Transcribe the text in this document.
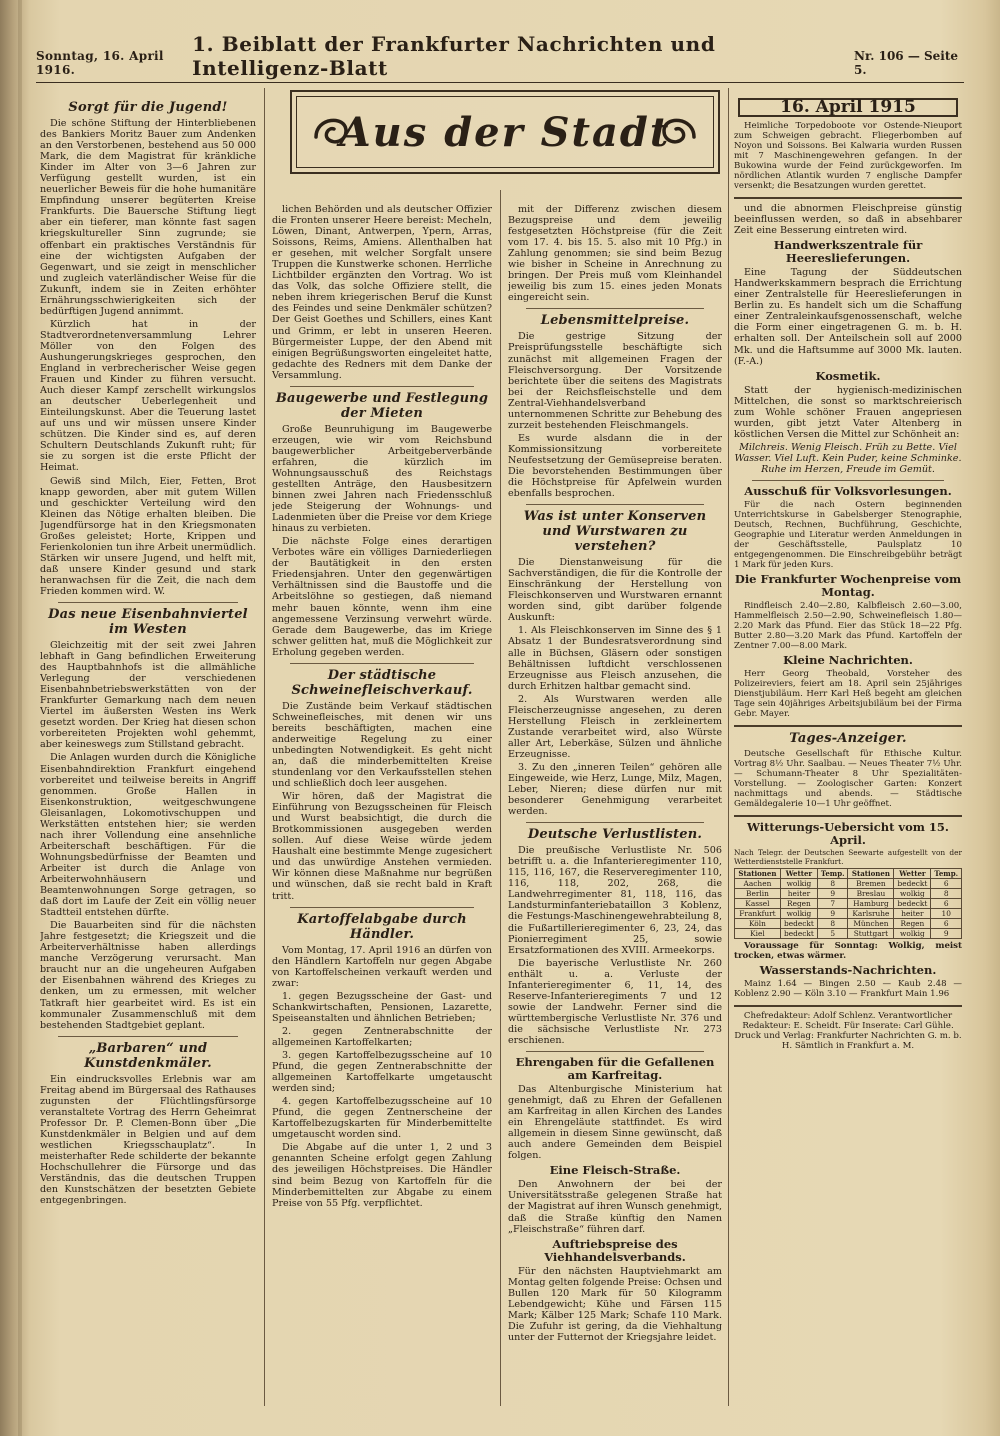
Sonntag, 16. April 1916.
1. Beiblatt der Frankfurter Nachrichten und Intelligenz-Blatt	Nr. 106 — Seite 5.
Aus der Stadt
Sorgt für die Jugend!

Die schöne Stiftung der Hinterbliebenen des Bankiers Moritz Bauer zum Andenken an den Verstorbenen, bestehend aus 50 000 Mark, die dem Magistrat für kränkliche Kinder im Alter von 3—6 Jahren zur Verfügung gestellt wurden, ist ein neuerlicher Beweis für die hohe humanitäre Empfindung unserer begüterten Kreise Frankfurts. Die Bauersche Stiftung liegt aber ein tieferer, man könnte fast sagen kriegskultureller Sinn zugrunde; sie offenbart ein praktisches Verständnis für eine der wichtigsten Aufgaben der Gegenwart, und sie zeigt in menschlicher und zugleich vaterländischer Weise für die Zukunft, indem sie in Zeiten erhöhter Ernährungsschwierigkeiten sich der bedürftigen Jugend annimmt.

Kürzlich hat in der Stadtverordnetenversammlung Lehrer Möller von den Folgen des Aushungerungskrieges gesprochen, den England in verbrecherischer Weise gegen Frauen und Kinder zu führen versucht. Auch dieser Kampf zerschellt wirkungslos an deutscher Ueberlegenheit und Einteilungskunst. Aber die Teuerung lastet auf uns und wir müssen unsere Kinder schützen. Die Kinder sind es, auf deren Schultern Deutschlands Zukunft ruht; für sie zu sorgen ist die erste Pflicht der Heimat.

Gewiß sind Milch, Eier, Fetten, Brot knapp geworden, aber mit gutem Willen und geschickter Verteilung wird den Kleinen das Nötige erhalten bleiben. Die Jugendfürsorge hat in den Kriegsmonaten Großes geleistet; Horte, Krippen und Ferienkolonien tun ihre Arbeit unermüdlich. Stärken wir unsere Jugend, und helft mit, daß unsere Kinder gesund und stark heranwachsen für die Zeit, die nach dem Frieden kommen wird. W.

Das neue Eisenbahnviertel im Westen

Gleichzeitig mit der seit zwei Jahren lebhaft in Gang befindlichen Erweiterung des Hauptbahnhofs ist die allmähliche Verlegung der verschiedenen Eisenbahnbetriebswerkstätten von der Frankfurter Gemarkung nach dem neuen Viertel im äußersten Westen ins Werk gesetzt worden. Der Krieg hat diesen schon vorbereiteten Projekten wohl gehemmt, aber keineswegs zum Stillstand gebracht.

Die Anlagen wurden durch die Königliche Eisenbahndirektion Frankfurt eingehend vorbereitet und teilweise bereits in Angriff genommen. Große Hallen in Eisenkonstruktion, weitgeschwungene Gleisanlagen, Lokomotivschuppen und Werkstätten entstehen hier; sie werden nach ihrer Vollendung eine ansehnliche Arbeiterschaft beschäftigen. Für die Wohnungsbedürfnisse der Beamten und Arbeiter ist durch die Anlage von Arbeiterwohnhäusern und Beamtenwohnungen Sorge getragen, so daß dort im Laufe der Zeit ein völlig neuer Stadtteil entstehen dürfte.

Die Bauarbeiten sind für die nächsten Jahre festgesetzt; die Kriegszeit und die Arbeiterverhältnisse haben allerdings manche Verzögerung verursacht. Man braucht nur an die ungeheuren Aufgaben der Eisenbahnen während des Krieges zu denken, um zu ermessen, mit welcher Tatkraft hier gearbeitet wird. Es ist ein kommunaler Zusammenschluß mit dem bestehenden Stadtgebiet geplant.

„Barbaren“ und Kunstdenkmäler.

Ein eindrucksvolles Erlebnis war am Freitag abend im Bürgersaal des Rathauses zugunsten der Flüchtlingsfürsorge veranstaltete Vortrag des Herrn Geheimrat Professor Dr. P. Clemen-Bonn über „Die Kunstdenkmäler in Belgien und auf dem westlichen Kriegsschauplatz“. In meisterhafter Rede schilderte der bekannte Hochschullehrer die Fürsorge und das Verständnis, das die deutschen Truppen den Kunstschätzen der besetzten Gebiete entgegenbringen.

lichen Behörden und als deutscher Offizier die Fronten unserer Heere bereist: Mecheln, Löwen, Dinant, Antwerpen, Ypern, Arras, Soissons, Reims, Amiens. Allenthalben hat er gesehen, mit welcher Sorgfalt unsere Truppen die Kunstwerke schonen. Herrliche Lichtbilder ergänzten den Vortrag. Wo ist das Volk, das solche Offiziere stellt, die neben ihrem kriegerischen Beruf die Kunst des Feindes und seine Denkmäler schützen? Der Geist Goethes und Schillers, eines Kant und Grimm, er lebt in unseren Heeren. Bürgermeister Luppe, der den Abend mit einigen Begrüßungsworten eingeleitet hatte, gedachte des Redners mit dem Danke der Versammlung.

Baugewerbe und Festlegung der Mieten

Große Beunruhigung im Baugewerbe erzeugen, wie wir vom Reichsbund baugewerblicher Arbeitgeberverbände erfahren, die kürzlich im Wohnungsausschuß des Reichstags gestellten Anträge, den Hausbesitzern binnen zwei Jahren nach Friedensschluß jede Steigerung der Wohnungs- und Ladenmieten über die Preise vor dem Kriege hinaus zu verbieten.

Die nächste Folge eines derartigen Verbotes wäre ein völliges Darniederliegen der Bautätigkeit in den ersten Friedensjahren. Unter den gegenwärtigen Verhältnissen sind die Baustoffe und die Arbeitslöhne so gestiegen, daß niemand mehr bauen könnte, wenn ihm eine angemessene Verzinsung verwehrt würde. Gerade dem Baugewerbe, das im Kriege schwer gelitten hat, muß die Möglichkeit zur Erholung gegeben werden.

Der städtische Schweinefleischverkauf.

Die Zustände beim Verkauf städtischen Schweinefleisches, mit denen wir uns bereits beschäftigten, machen eine anderweitige Regelung zu einer unbedingten Notwendigkeit. Es geht nicht an, daß die minderbemittelten Kreise stundenlang vor den Verkaufsstellen stehen und schließlich doch leer ausgehen.

Wir hören, daß der Magistrat die Einführung von Bezugsscheinen für Fleisch und Wurst beabsichtigt, die durch die Brotkommissionen ausgegeben werden sollen. Auf diese Weise würde jedem Haushalt eine bestimmte Menge zugesichert und das unwürdige Anstehen vermieden. Wir können diese Maßnahme nur begrüßen und wünschen, daß sie recht bald in Kraft tritt.

Kartoffelabgabe durch Händler.

Vom Montag, 17. April 1916 an dürfen von den Händlern Kartoffeln nur gegen Abgabe von Kartoffelscheinen verkauft werden und zwar:

1. gegen Bezugsscheine der Gast- und Schankwirtschaften, Pensionen, Lazarette, Speiseanstalten und ähnlichen Betrieben;

2. gegen Zentnerabschnitte der allgemeinen Kartoffelkarten;

3. gegen Kartoffelbezugsscheine auf 10 Pfund, die gegen Zentnerabschnitte der allgemeinen Kartoffelkarte umgetauscht werden sind;

4. gegen Kartoffelbezugsscheine auf 10 Pfund, die gegen Zentnerscheine der Kartoffelbezugskarten für Minderbemittelte umgetauscht worden sind.

Die Abgabe auf die unter 1, 2 und 3 genannten Scheine erfolgt gegen Zahlung des jeweiligen Höchstpreises. Die Händler sind beim Bezug von Kartoffeln für die Minderbemittelten zur Abgabe zu einem Preise von 55 Pfg. verpflichtet.

mit der Differenz zwischen diesem Bezugspreise und dem jeweilig festgesetzten Höchstpreise (für die Zeit vom 17. 4. bis 15. 5. also mit 10 Pfg.) in Zahlung genommen; sie sind beim Bezug wie bisher in Scheine in Anrechnung zu bringen. Der Preis muß vom Kleinhandel jeweilig bis zum 15. eines jeden Monats eingereicht sein.

Lebensmittelpreise.

Die gestrige Sitzung der Preisprüfungsstelle beschäftigte sich zunächst mit allgemeinen Fragen der Fleischversorgung. Der Vorsitzende berichtete über die seitens des Magistrats bei der Reichsfleischstelle und dem Zentral-Viehhandelsverband unternommenen Schritte zur Behebung des zurzeit bestehenden Fleischmangels.

Es wurde alsdann die in der Kommissionsitzung vorbereitete Neufestsetzung der Gemüsepreise beraten. Die bevorstehenden Bestimmungen über die Höchstpreise für Apfelwein wurden ebenfalls besprochen.

Was ist unter Konserven und Wurstwaren zu verstehen?

Die Dienstanweisung für die Sachverständigen, die für die Kontrolle der Einschränkung der Herstellung von Fleischkonserven und Wurstwaren ernannt worden sind, gibt darüber folgende Auskunft:

1. Als Fleischkonserven im Sinne des § 1 Absatz 1 der Bundesratsverordnung sind alle in Büchsen, Gläsern oder sonstigen Behältnissen luftdicht verschlossenen Erzeugnisse aus Fleisch anzusehen, die durch Erhitzen haltbar gemacht sind.

2. Als Wurstwaren werden alle Fleischerzeugnisse angesehen, zu deren Herstellung Fleisch in zerkleinertem Zustande verarbeitet wird, also Würste aller Art, Leberkäse, Sülzen und ähnliche Erzeugnisse.

3. Zu den „inneren Teilen“ gehören alle Eingeweide, wie Herz, Lunge, Milz, Magen, Leber, Nieren; diese dürfen nur mit besonderer Genehmigung verarbeitet werden.

Deutsche Verlustlisten.

Die preußische Verlustliste Nr. 506 betrifft u. a. die Infanterieregimenter 110, 115, 116, 167, die Reserveregimenter 110, 116, 118, 202, 268, die Landwehrregimenter 81, 118, 116, das Landsturminfanteriebataillon 3 Koblenz, die Festungs-Maschinengewehrabteilung 8, die Fußartillerieregimenter 6, 23, 24, das Pionierregiment 25, sowie Ersatzformationen des XVIII. Armeekorps.

Die bayerische Verlustliste Nr. 260 enthält u. a. Verluste der Infanterieregimenter 6, 11, 14, des Reserve-Infanterieregiments 7 und 12 sowie der Landwehr. Ferner sind die württembergische Verlustliste Nr. 376 und die sächsische Verlustliste Nr. 273 erschienen.

Ehrengaben für die Gefallenen am Karfreitag.

Das Altenburgische Ministerium hat genehmigt, daß zu Ehren der Gefallenen am Karfreitag in allen Kirchen des Landes ein Ehrengeläute stattfindet. Es wird allgemein in diesem Sinne gewünscht, daß auch andere Gemeinden dem Beispiel folgen.

Eine Fleisch-Straße.

Den Anwohnern der bei der Universitätsstraße gelegenen Straße hat der Magistrat auf ihren Wunsch genehmigt, daß die Straße künftig den Namen „Fleischstraße“ führen darf.

Auftriebspreise des Viehhandelsverbands.

Für den nächsten Hauptviehmarkt am Montag gelten folgende Preise: Ochsen und Bullen 120 Mark für 50 Kilogramm Lebendgewicht; Kühe und Färsen 115 Mark; Kälber 125 Mark; Schafe 110 Mark. Die Zufuhr ist gering, da die Viehhaltung unter der Futternot der Kriegsjahre leidet.

16. April 1915

Heimliche Torpedoboote vor Ostende-Nieuport zum Schweigen gebracht. Fliegerbomben auf Noyon und Soissons. Bei Kalwaria wurden Russen mit 7 Maschinengewehren gefangen. In der Bukowina wurde der Feind zurückgeworfen. Im nördlichen Atlantik wurden 7 englische Dampfer versenkt; die Besatzungen wurden gerettet.

und die abnormen Fleischpreise günstig beeinflussen werden, so daß in absehbarer Zeit eine Besserung eintreten wird.

Handwerkszentrale für Heereslieferungen.

Eine Tagung der Süddeutschen Handwerkskammern besprach die Errichtung einer Zentralstelle für Heereslieferungen in Berlin zu. Es handelt sich um die Schaffung einer Zentraleinkaufsgenossenschaft, welche die Form einer eingetragenen G. m. b. H. erhalten soll. Der Anteilschein soll auf 2000 Mk. und die Haftsumme auf 3000 Mk. lauten. (F.-A.)

Kosmetik.

Statt der hygienisch-medizinischen Mittelchen, die sonst so marktschreierisch zum Wohle schöner Frauen angepriesen wurden, gibt jetzt Vater Altenberg in köstlichen Versen die Mittel zur Schönheit an:

Milchreis. Wenig Fleisch. Früh zu Bette. Viel Wasser. Viel Luft. Kein Puder, keine Schminke. Ruhe im Herzen, Freude im Gemüt.

Ausschuß für Volksvorlesungen.

Für die nach Ostern beginnenden Unterrichtskurse in Gabelsberger Stenographie, Deutsch, Rechnen, Buchführung, Geschichte, Geographie und Literatur werden Anmeldungen in der Geschäftsstelle, Paulsplatz 10 entgegengenommen. Die Einschreibgebühr beträgt 1 Mark für jeden Kurs.

Die Frankfurter Wochenpreise vom Montag.

Rindfleisch 2.40—2.80, Kalbfleisch 2.60—3.00, Hammelfleisch 2.50—2.90, Schweinefleisch 1.80—2.20 Mark das Pfund. Eier das Stück 18—22 Pfg. Butter 2.80—3.20 Mark das Pfund. Kartoffeln der Zentner 7.00—8.00 Mark.

Kleine Nachrichten.

Herr Georg Theobald, Vorsteher des Polizeireviers, feiert am 18. April sein 25jähriges Dienstjubiläum. Herr Karl Heß begeht am gleichen Tage sein 40jähriges Arbeitsjubiläum bei der Firma Gebr. Mayer.

Tages-Anzeiger.

Deutsche Gesellschaft für Ethische Kultur. Vortrag 8½ Uhr. Saalbau. — Neues Theater 7½ Uhr. — Schumann-Theater 8 Uhr Spezialitäten-Vorstellung. — Zoologischer Garten: Konzert nachmittags und abends. — Städtische Gemäldegalerie 10—1 Uhr geöffnet.

Witterungs-Uebersicht vom 15. April.

Nach Telegr. der Deutschen Seewarte aufgestellt von der Wetterdienststelle Frankfurt.

Stationen	Wetter	Temp.	Stationen	Wetter	Temp.
Aachen	wolkig	8	Bremen	bedeckt	6
Berlin	heiter	9	Breslau	wolkig	8
Kassel	Regen	7	Hamburg	bedeckt	6
Frankfurt	wolkig	9	Karlsruhe	heiter	10
Köln	bedeckt	8	München	Regen	6
Kiel	bedeckt	5	Stuttgart	wolkig	9

Voraussage für Sonntag: Wolkig, meist trocken, etwas wärmer.

Wasserstands-Nachrichten.

Mainz 1.64 — Bingen 2.50 — Kaub 2.48 — Koblenz 2.90 — Köln 3.10 — Frankfurt Main 1.96

Chefredakteur: Adolf Schlenz. Verantwortlicher Redakteur: E. Scheidt. Für Inserate: Carl Gühle. Druck und Verlag: Frankfurter Nachrichten G. m. b. H. Sämtlich in Frankfurt a. M.
